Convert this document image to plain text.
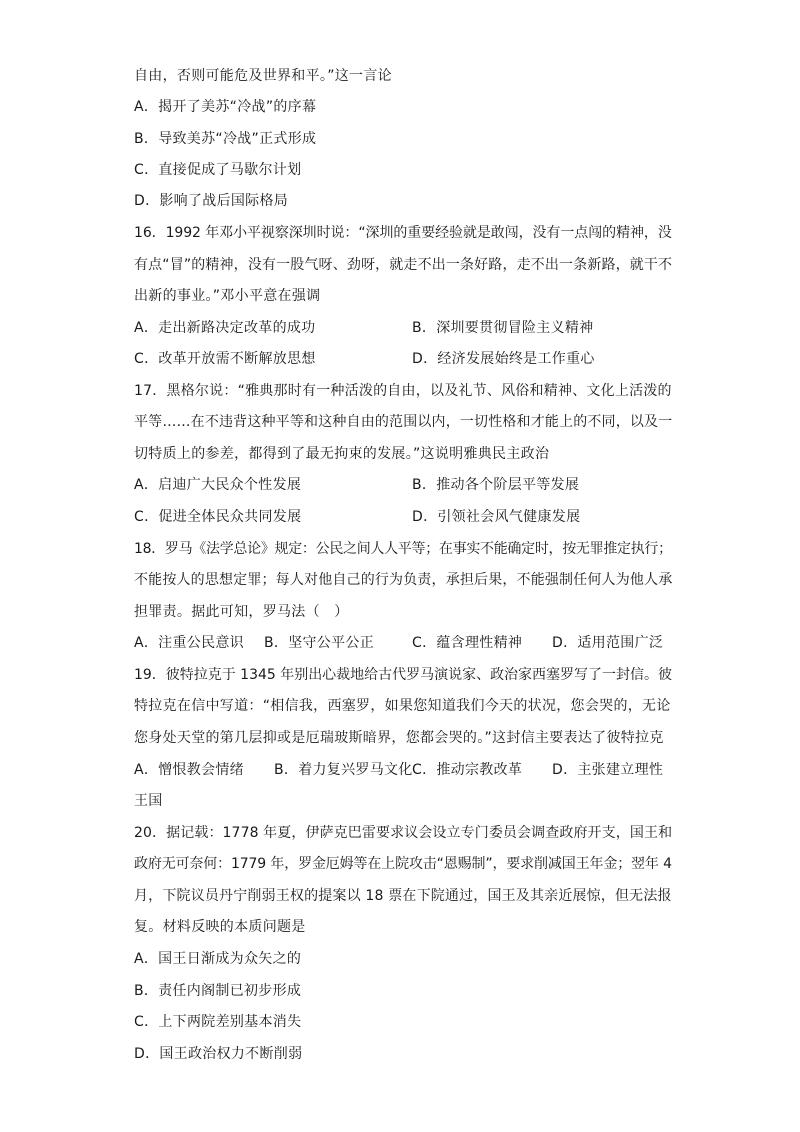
自由，否则可能危及世界和平。”这一言论
A．揭开了美苏“冷战”的序幕
B．导致美苏“冷战”正式形成
C．直接促成了马歇尔计划
D．影响了战后国际格局
16．1992 年邓小平视察深圳时说：“深圳的重要经验就是敢闯，没有一点闯的精神，没
有点“冒”的精神，没有一股气呀、劲呀，就走不出一条好路，走不出一条新路，就干不
出新的事业。”邓小平意在强调
A．走出新路决定改革的成功	B．深圳要贯彻冒险主义精神
C．改革开放需不断解放思想	D．经济发展始终是工作重心
17．黑格尔说：“雅典那时有一种活泼的自由，以及礼节、风俗和精神、文化上活泼的
平等……在不违背这种平等和这种自由的范围以内，一切性格和才能上的不同，以及一
切特质上的参差，都得到了最无拘束的发展。”这说明雅典民主政治
A．启迪广大民众个性发展	B．推动各个阶层平等发展
C．促进全体民众共同发展	D．引领社会风气健康发展
18．罗马《法学总论》规定：公民之间人人平等；在事实不能确定时，按无罪推定执行；
不能按人的思想定罪；每人对他自己的行为负责，承担后果，不能强制任何人为他人承
担罪责。据此可知，罗马法（　）
A．注重公民意识 B．坚守公平公正	C．蕴含理性精神 D．适用范围广泛
19．彼特拉克于 1345 年别出心裁地给古代罗马演说家、政治家西塞罗写了一封信。彼
特拉克在信中写道：“相信我，西塞罗，如果您知道我们今天的状况，您会哭的，无论
您身处天堂的第几层抑或是厄瑞玻斯暗界，您都会哭的。”这封信主要表达了彼特拉克
A．憎恨教会情绪 B．着力复兴罗马文化 C．推动宗教改革 D．主张建立理性
王国
20．据记载：1778 年夏，伊萨克巴雷要求议会设立专门委员会调查政府开支，国王和
政府无可奈何：1779 年，罗金厄姆等在上院攻击“恩赐制”，要求削减国王年金；翌年 4
月，下院议员丹宁削弱王权的提案以 18 票在下院通过，国王及其亲近展惊，但无法报
复。材料反映的本质问题是
A．国王日渐成为众矢之的
B．责任内阁制已初步形成
C．上下两院差别基本消失
D．国王政治权力不断削弱
